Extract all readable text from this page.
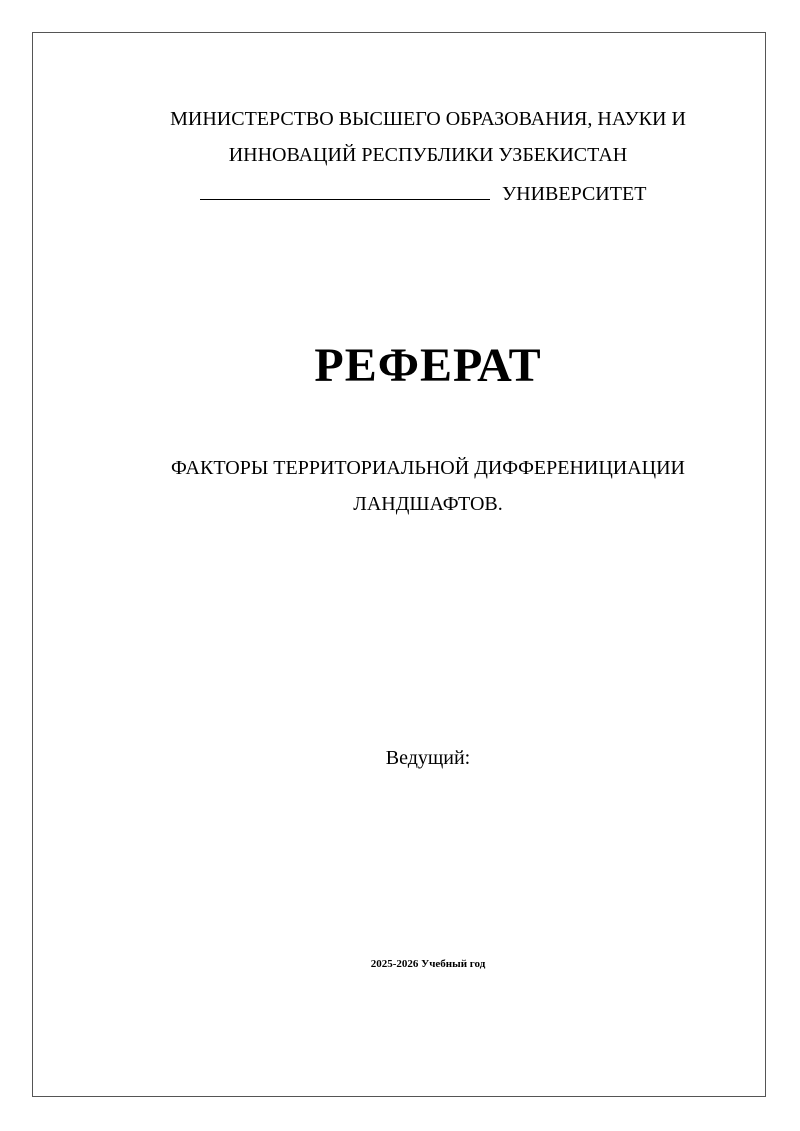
МИНИСТЕРСТВО ВЫСШЕГО ОБРАЗОВАНИЯ, НАУКИ И
ИННОВАЦИЙ РЕСПУБЛИКИ УЗБЕКИСТАН
УНИВЕРСИТЕТ
РЕФЕРАТ
ФАКТОРЫ ТЕРРИТОРИАЛЬНОЙ ДИФФЕРЕНИЦИАЦИИ
ЛАНДШАФТОВ.
Ведущий:
2025-2026 Учебный год
